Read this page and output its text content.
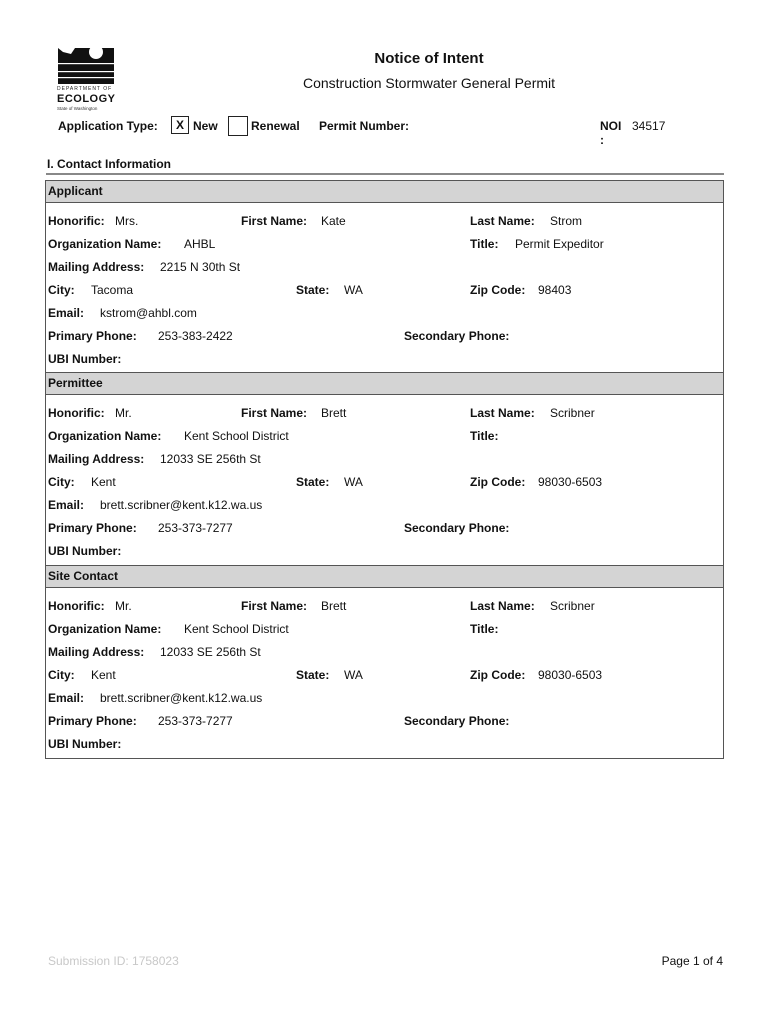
DEPARTMENT OF
ECOLOGY
State of Washington
Notice of Intent
Construction Stormwater General Permit
Application Type:	X New	Renewal Permit Number:	NOI
:
34517
I. Contact Information
Applicant
Honorific: Mrs.	First Name: Kate	Last Name: Strom
Organization Name: AHBL	Title: Permit Expeditor
Mailing Address: 2215 N 30th St
City: Tacoma	State: WA	Zip Code: 98403
Email: kstrom@ahbl.com
Primary Phone: 253-383-2422	Secondary Phone:
UBI Number:
Permittee
Honorific: Mr.	First Name: Brett	Last Name: Scribner
Organization Name: Kent School District	Title:
Mailing Address: 12033 SE 256th St
City: Kent	State: WA	Zip Code: 98030-6503
Email: brett.scribner@kent.k12.wa.us
Primary Phone: 253-373-7277	Secondary Phone:
UBI Number:
Site Contact
Honorific: Mr.	First Name: Brett	Last Name: Scribner
Organization Name: Kent School District	Title:
Mailing Address: 12033 SE 256th St
City: Kent	State: WA	Zip Code: 98030-6503
Email: brett.scribner@kent.k12.wa.us
Primary Phone: 253-373-7277	Secondary Phone:
UBI Number:
Submission ID: 1758023	Page 1 of 4
